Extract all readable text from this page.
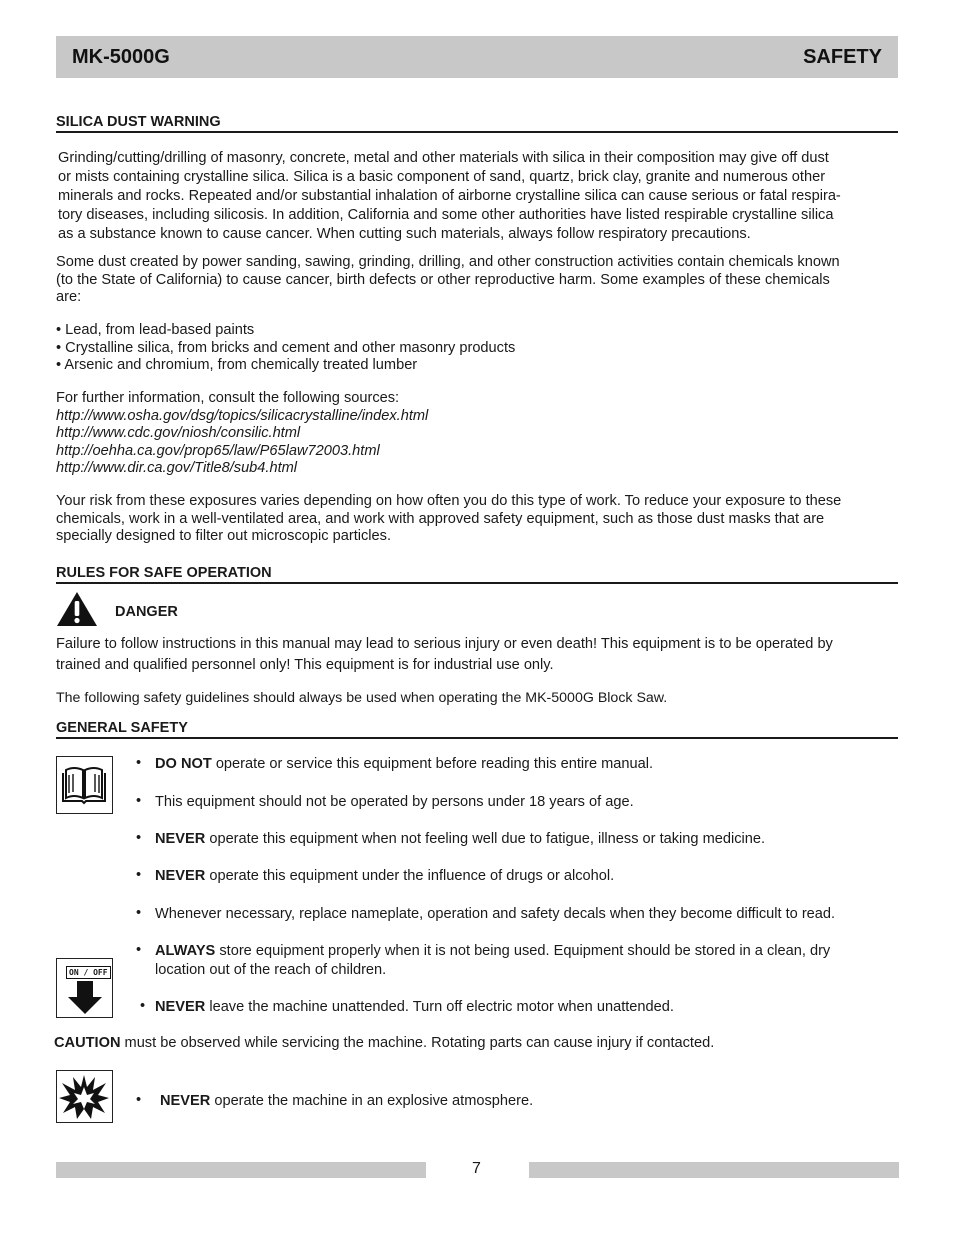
MK-5000G	SAFETY
SILICA DUST WARNING
Grinding/cutting/drilling of masonry, concrete, metal and other materials with silica in their composition may give off dust
or mists containing crystalline silica. Silica is a basic component of sand, quartz, brick clay, granite and numerous other
minerals and rocks. Repeated and/or substantial inhalation of airborne crystalline silica can cause serious or fatal respira-
tory diseases, including silicosis. In addition, California and some other authorities have listed respirable crystalline silica
as a substance known to cause cancer. When cutting such materials, always follow respiratory precautions.
Some dust created by power sanding, sawing, grinding, drilling, and other construction activities contain chemicals known
(to the State of California) to cause cancer, birth defects or other reproductive harm. Some examples of these chemicals
are:
• Lead, from lead-based paints
• Crystalline silica, from bricks and cement and other masonry products
• Arsenic and chromium, from chemically treated lumber
For further information, consult the following sources:
http://www.osha.gov/dsg/topics/silicacrystalline/index.html
http://www.cdc.gov/niosh/consilic.html
http://oehha.ca.gov/prop65/law/P65law72003.html
http://www.dir.ca.gov/Title8/sub4.html
Your risk from these exposures varies depending on how often you do this type of work. To reduce your exposure to these
chemicals, work in a well-ventilated area, and work with approved safety equipment, such as those dust masks that are
specially designed to filter out microscopic particles.
RULES FOR SAFE OPERATION
DANGER
Failure to follow instructions in this manual may lead to serious injury or even death! This equipment is to be operated by
trained and qualified personnel only! This equipment is for industrial use only.
The following safety guidelines should always be used when operating the MK-5000G Block Saw.
GENERAL SAFETY
• DO NOT operate or service this equipment before reading this entire manual.
• This equipment should not be operated by persons under 18 years of age.
• NEVER operate this equipment when not feeling well due to fatigue, illness or taking medicine.
• NEVER operate this equipment under the influence of drugs or alcohol.
• Whenever necessary, replace nameplate, operation and safety decals when they become difficult to read.
• ALWAYS store equipment properly when it is not being used. Equipment should be stored in a clean, dry
location out of the reach of children.
ON / OFF
• NEVER leave the machine unattended. Turn off electric motor when unattended.
CAUTION must be observed while servicing the machine. Rotating parts can cause injury if contacted.
• NEVER operate the machine in an explosive atmosphere.
7
